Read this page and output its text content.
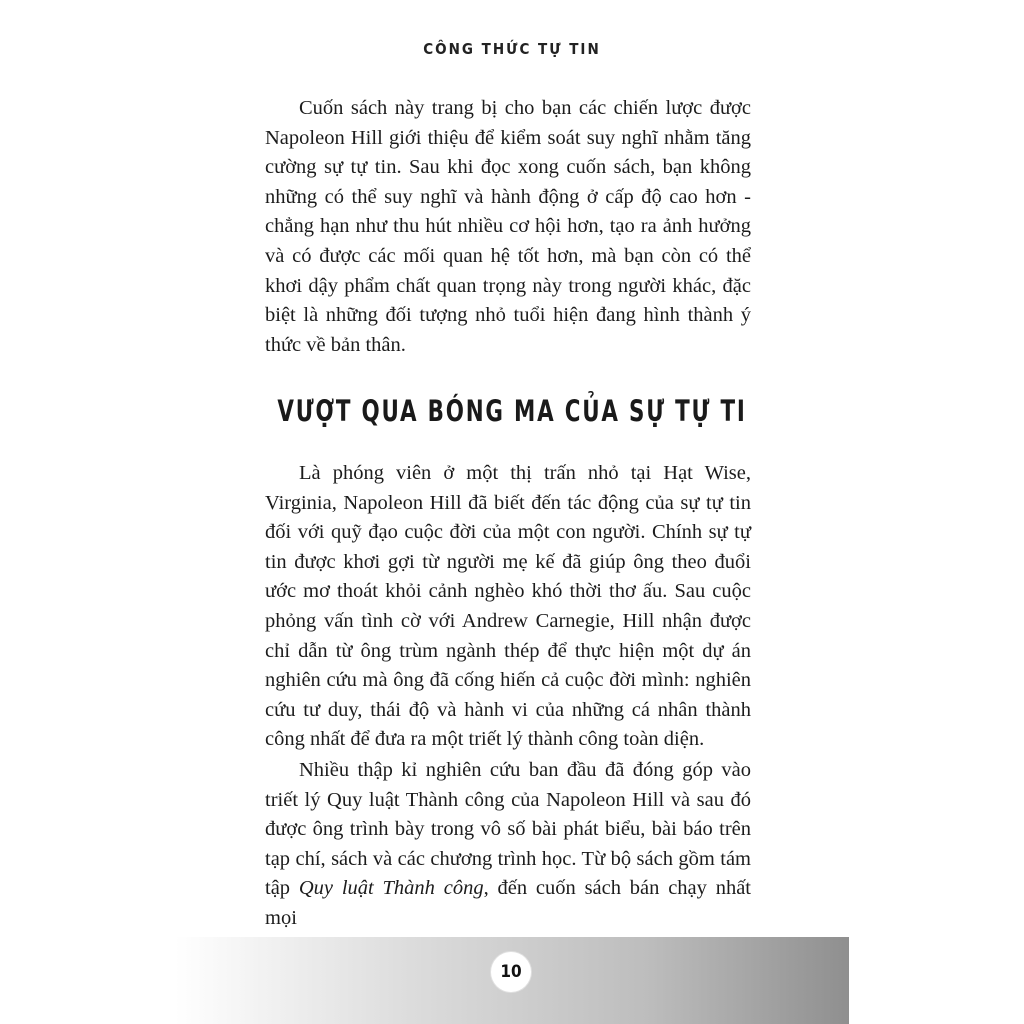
CÔNG THỨC TỰ TIN

Cuốn sách này trang bị cho bạn các chiến lược được Napoleon Hill giới thiệu để kiểm soát suy nghĩ nhằm tăng cường sự tự tin. Sau khi đọc xong cuốn sách, bạn không những có thể suy nghĩ và hành động ở cấp độ cao hơn - chẳng hạn như thu hút nhiều cơ hội hơn, tạo ra ảnh hưởng và có được các mối quan hệ tốt hơn, mà bạn còn có thể khơi dậy phẩm chất quan trọng này trong người khác, đặc biệt là những đối tượng nhỏ tuổi hiện đang hình thành ý thức về bản thân.

VƯỢT QUA BÓNG MA CỦA SỰ TỰ TI

Là phóng viên ở một thị trấn nhỏ tại Hạt Wise, Virginia, Napoleon Hill đã biết đến tác động của sự tự tin đối với quỹ đạo cuộc đời của một con người. Chính sự tự tin được khơi gợi từ người mẹ kế đã giúp ông theo đuổi ước mơ thoát khỏi cảnh nghèo khó thời thơ ấu. Sau cuộc phỏng vấn tình cờ với Andrew Carnegie, Hill nhận được chỉ dẫn từ ông trùm ngành thép để thực hiện một dự án nghiên cứu mà ông đã cống hiến cả cuộc đời mình: nghiên cứu tư duy, thái độ và hành vi của những cá nhân thành công nhất để đưa ra một triết lý thành công toàn diện.

Nhiều thập kỉ nghiên cứu ban đầu đã đóng góp vào triết lý Quy luật Thành công của Napoleon Hill và sau đó được ông trình bày trong vô số bài phát biểu, bài báo trên tạp chí, sách và các chương trình học. Từ bộ sách gồm tám tập Quy luật Thành công, đến cuốn sách bán chạy nhất mọi

10
